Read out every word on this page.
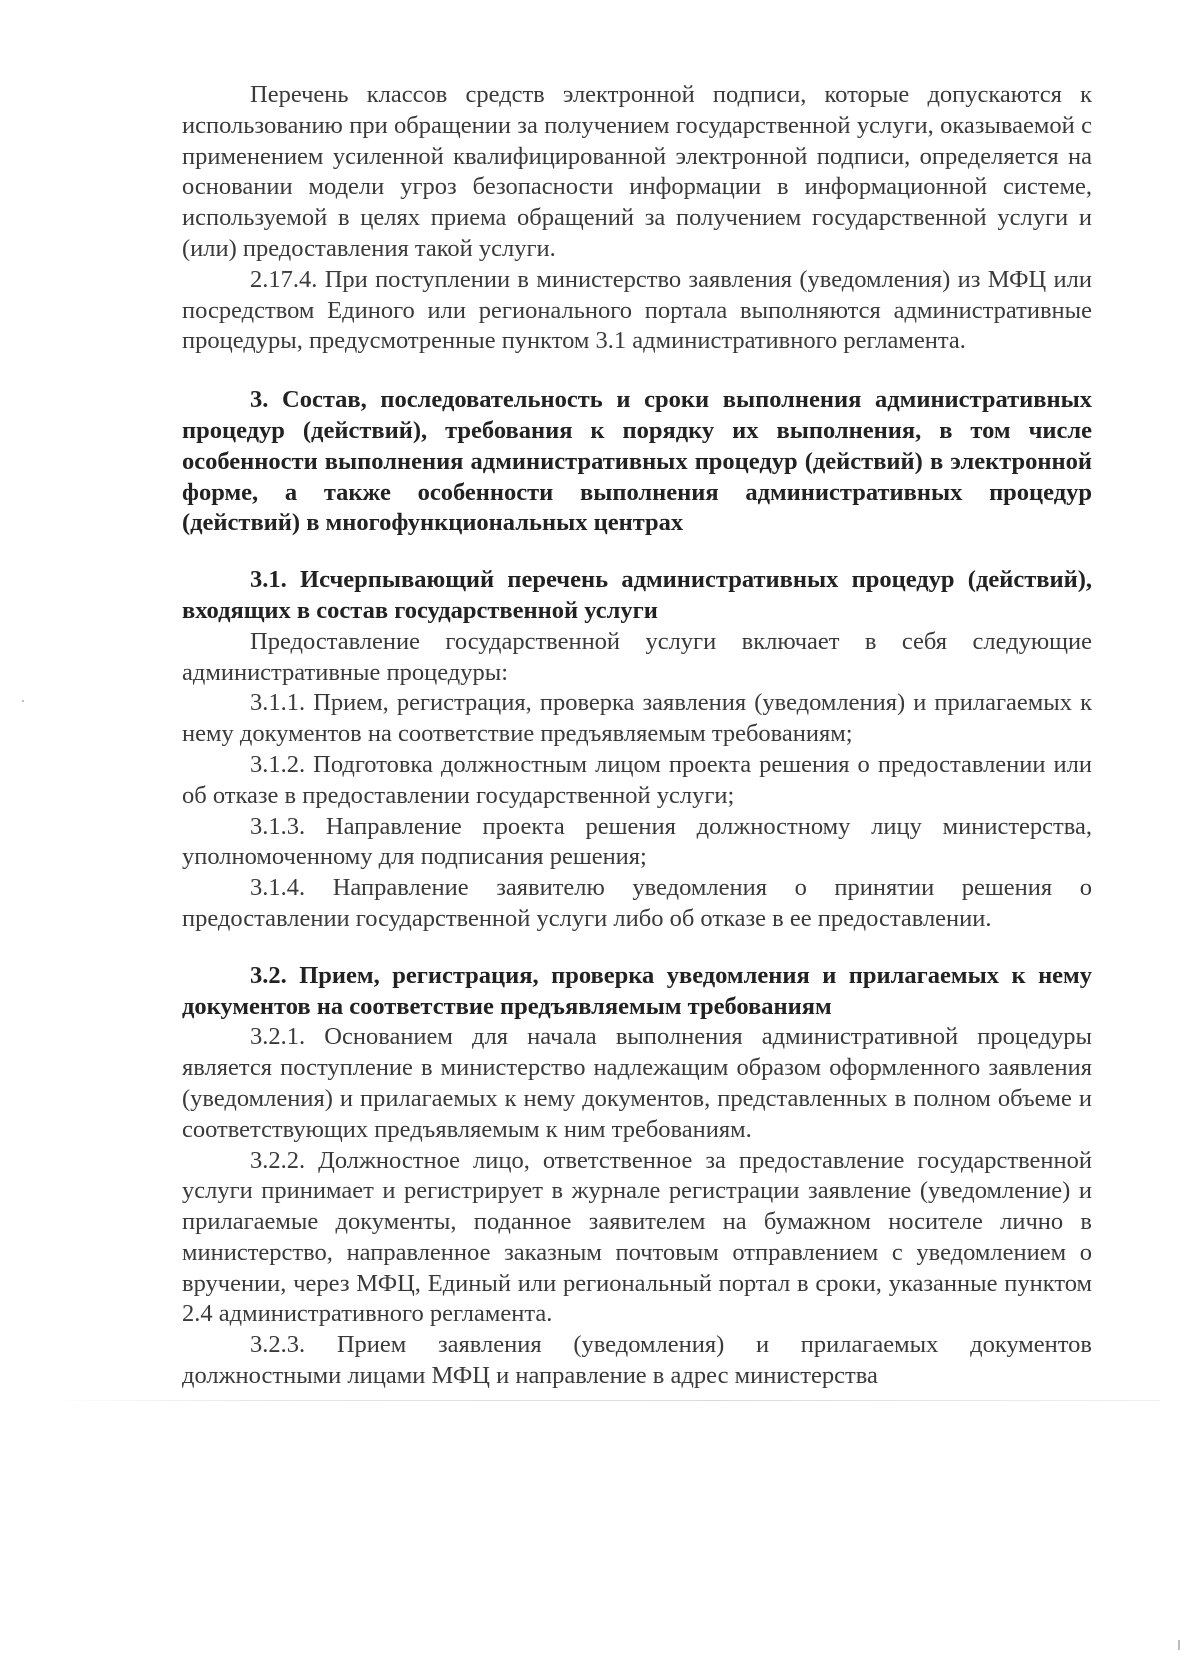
Перечень классов средств электронной подписи, которые допускаются к использованию при обращении за получением государственной услуги, оказываемой с применением усиленной квалифицированной электронной подписи, определяется на основании модели угроз безопасности информации в информационной системе, используемой в целях приема обращений за получением государственной услуги и (или) предоставления такой услуги.

2.17.4. При поступлении в министерство заявления (уведомления) из МФЦ или посредством Единого или регионального портала выполняются административные процедуры, предусмотренные пунктом 3.1 административного регламента.

3. Состав, последовательность и сроки выполнения административных процедур (действий), требования к порядку их выполнения, в том числе особенности выполнения административных процедур (действий) в электронной форме, а также особенности выполнения административных процедур (действий) в многофункциональных центрах

3.1. Исчерпывающий перечень административных процедур (действий), входящих в состав государственной услуги

Предоставление государственной услуги включает в себя следующие административные процедуры:

3.1.1. Прием, регистрация, проверка заявления (уведомления) и прилагаемых к нему документов на соответствие предъявляемым требованиям;

3.1.2. Подготовка должностным лицом проекта решения о предоставлении или об отказе в предоставлении государственной услуги;

3.1.3. Направление проекта решения должностному лицу министерства, уполномоченному для подписания решения;

3.1.4. Направление заявителю уведомления о принятии решения о предоставлении государственной услуги либо об отказе в ее предоставлении.

3.2. Прием, регистрация, проверка уведомления и прилагаемых к нему документов на соответствие предъявляемым требованиям

3.2.1. Основанием для начала выполнения административной процедуры является поступление в министерство надлежащим образом оформленного заявления (уведомления) и прилагаемых к нему документов, представленных в полном объеме и соответствующих предъявляемым к ним требованиям.

3.2.2. Должностное лицо, ответственное за предоставление государственной услуги принимает и регистрирует в журнале регистрации заявление (уведомление) и прилагаемые документы, поданное заявителем на бумажном носителе лично в министерство, направленное заказным почтовым отправлением с уведомлением о вручении, через МФЦ, Единый или региональный портал в сроки, указанные пунктом 2.4 административного регламента.

3.2.3. Прием заявления (уведомления) и прилагаемых документов должностными лицами МФЦ и направление в адрес министерства
